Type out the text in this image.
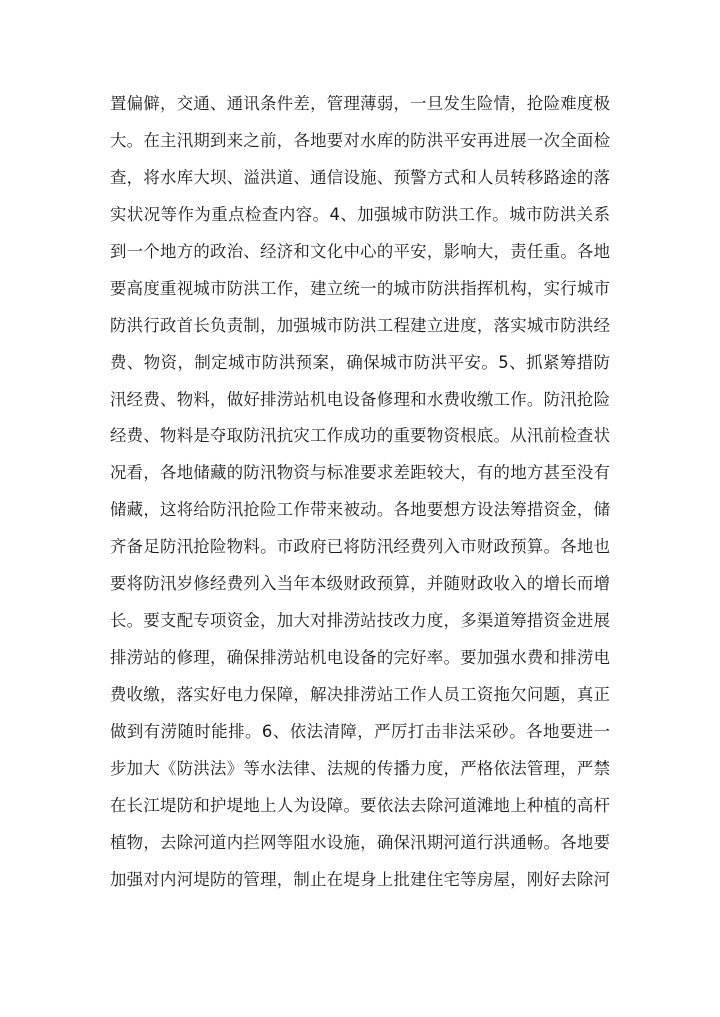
置偏僻，交通、通讯条件差，管理薄弱，一旦发生险情，抢险难度极
大。在主汛期到来之前，各地要对水库的防洪平安再进展一次全面检
查，将水库大坝、溢洪道、通信设施、预警方式和人员转移路途的落
实状况等作为重点检查内容。4、加强城市防洪工作。城市防洪关系
到一个地方的政治、经济和文化中心的平安，影响大，责任重。各地
要高度重视城市防洪工作，建立统一的城市防洪指挥机构，实行城市
防洪行政首长负责制，加强城市防洪工程建立进度，落实城市防洪经
费、物资，制定城市防洪预案，确保城市防洪平安。5、抓紧筹措防
汛经费、物料，做好排涝站机电设备修理和水费收缴工作。防汛抢险
经费、物料是夺取防汛抗灾工作成功的重要物资根底。从汛前检查状
况看，各地储藏的防汛物资与标准要求差距较大，有的地方甚至没有
储藏，这将给防汛抢险工作带来被动。各地要想方设法筹措资金，储
齐备足防汛抢险物料。市政府已将防汛经费列入市财政预算。各地也
要将防汛岁修经费列入当年本级财政预算，并随财政收入的增长而增
长。要支配专项资金，加大对排涝站技改力度，多渠道筹措资金进展
排涝站的修理，确保排涝站机电设备的完好率。要加强水费和排涝电
费收缴，落实好电力保障，解决排涝站工作人员工资拖欠问题，真正
做到有涝随时能排。6、依法清障，严厉打击非法采砂。各地要进一
步加大《防洪法》等水法律、法规的传播力度，严格依法管理，严禁
在长江堤防和护堤地上人为设障。要依法去除河道滩地上种植的高杆
植物，去除河道内拦网等阻水设施，确保汛期河道行洪通畅。各地要
加强对内河堤防的管理，制止在堤身上批建住宅等房屋，刚好去除河
